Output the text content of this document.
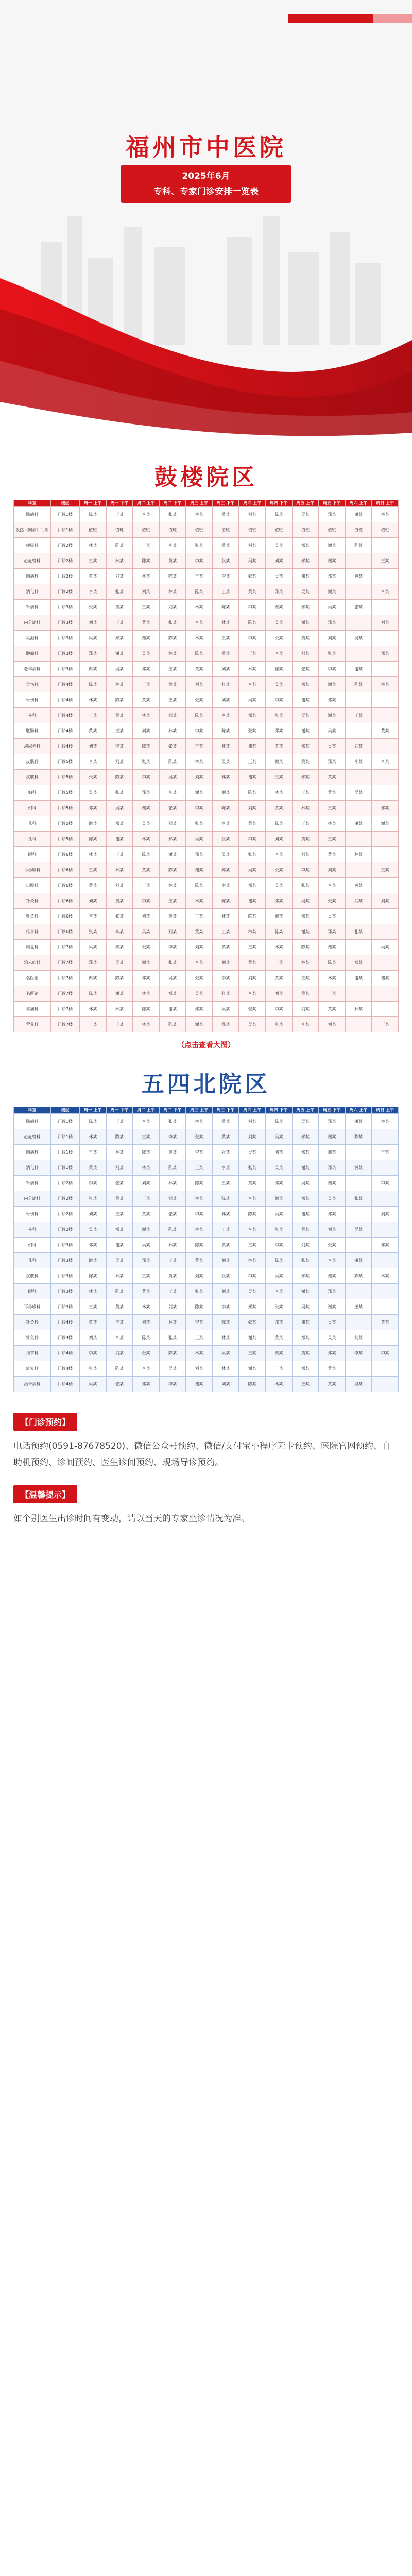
福州市中医院
2025年6月
专科、专家门诊安排一览表
鼓楼院区
科室	楼层	周一 上午	周一 下午	周二 上午	周二 下午	周三 上午	周三 下午	周四 上午	周四 下午	周五 上午	周五 下午	周六 上午	周日 上午
肺病科	门诊1楼	陈某	王某	李某	张某	林某	黄某	刘某	陈某	吴某	郑某	谢某	林某
发热（胸痛）门诊	门诊1楼	值班	值班	值班	值班	值班	值班	值班	值班	值班	值班	值班	值班
呼吸科	门诊2楼	林某	陈某	王某	李某	张某	黄某	刘某	吴某	郑某	谢某	陈某	
心血管科	门诊2楼	王某	林某	陈某	黄某	李某	张某	吴某	刘某	郑某	谢某		王某
脑病科	门诊2楼	黄某	刘某	林某	陈某	王某	李某	张某	吴某	谢某	郑某	黄某	
消化科	门诊2楼	李某	张某	刘某	林某	陈某	王某	黄某	郑某	吴某	谢某		李某
肾病科	门诊3楼	张某	黄某	王某	刘某	林某	陈某	李某	谢某	郑某	吴某	张某	
内分泌科	门诊3楼	刘某	王某	黄某	张某	李某	林某	陈某	吴某	谢某	郑某		刘某
风湿科	门诊3楼	吴某	郑某	谢某	陈某	林某	王某	李某	张某	黄某	刘某	吴某	
肿瘤科	门诊3楼	郑某	谢某	吴某	林某	陈某	黄某	王某	李某	刘某	张某		郑某
老年病科	门诊3楼	谢某	吴某	郑某	王某	黄某	刘某	林某	陈某	张某	李某	谢某	
骨伤科	门诊4楼	陈某	林某	王某	黄某	刘某	张某	李某	吴某	郑某	谢某	陈某	林某
骨伤科	门诊4楼	林某	陈某	黄某	王某	张某	刘某	吴某	李某	谢某	郑某		
外科	门诊4楼	王某	黄某	林某	刘某	陈某	李某	郑某	张某	吴某	谢某	王某	
肛肠科	门诊4楼	黄某	王某	刘某	林某	李某	陈某	张某	郑某	谢某	吴某		黄某
泌尿外科	门诊4楼	刘某	李某	陈某	张某	王某	林某	谢某	黄某	郑某	吴某	刘某	
皮肤科	门诊5楼	李某	刘某	张某	陈某	林某	吴某	王某	谢某	黄某	郑某	李某	李某
皮肤科	门诊5楼	张某	陈某	李某	吴某	刘某	林某	谢某	王某	郑某	黄某		
妇科	门诊5楼	吴某	张某	郑某	李某	谢某	刘某	陈某	林某	王某	黄某	吴某	
妇科	门诊5楼	郑某	吴某	谢某	张某	李某	陈某	刘某	黄某	林某	王某		郑某
儿科	门诊5楼	谢某	郑某	吴某	刘某	张某	李某	黄某	陈某	王某	林某	谢某	谢某
儿科	门诊5楼	陈某	谢某	林某	郑某	吴某	张某	李某	刘某	黄某	王某		
眼科	门诊6楼	林某	王某	陈某	谢某	郑某	吴某	张某	李某	刘某	黄某	林某	
耳鼻喉科	门诊6楼	王某	林某	黄某	陈某	谢某	郑某	吴某	张某	李某	刘某		王某
口腔科	门诊6楼	黄某	刘某	王某	林某	陈某	谢某	郑某	吴某	张某	李某	黄某	
针灸科	门诊6楼	刘某	黄某	李某	王某	林某	陈某	谢某	郑某	吴某	张某	刘某	刘某
针灸科	门诊6楼	李某	张某	刘某	黄某	王某	林某	陈某	谢某	郑某	吴某		
推拿科	门诊6楼	张某	李某	吴某	刘某	黄某	王某	林某	陈某	谢某	郑某	张某	
康复科	门诊7楼	吴某	郑某	张某	李某	刘某	黄某	王某	林某	陈某	谢某		吴某
治未病科	门诊7楼	郑某	吴某	谢某	张某	李某	刘某	黄某	王某	林某	陈某	郑某	
名医馆	门诊7楼	谢某	陈某	郑某	吴某	张某	李某	刘某	黄某	王某	林某	谢某	谢某
名医馆	门诊7楼	陈某	谢某	林某	郑某	吴某	张某	李某	刘某	黄某	王某		
疼痛科	门诊7楼	林某	林某	陈某	谢某	郑某	吴某	张某	李某	刘某	黄某	林某	
营养科	门诊7楼	王某	王某	林某	陈某	谢某	郑某	吴某	张某	李某	刘某		王某
（点击查看大图）
五四北院区
科室	楼层	周一 上午	周一 下午	周二 上午	周二 下午	周三 上午	周三 下午	周四 上午	周四 下午	周五 上午	周五 下午	周六 上午	周日 上午
肺病科	门诊1楼	陈某	王某	李某	张某	林某	黄某	刘某	陈某	吴某	郑某	谢某	林某
心血管科	门诊1楼	林某	陈某	王某	李某	张某	黄某	刘某	吴某	郑某	谢某	陈某	
脑病科	门诊1楼	王某	林某	陈某	黄某	李某	张某	吴某	刘某	郑某	谢某		王某
消化科	门诊1楼	黄某	刘某	林某	陈某	王某	李某	张某	吴某	谢某	郑某	黄某	
肾病科	门诊2楼	李某	张某	刘某	林某	陈某	王某	黄某	郑某	吴某	谢某		李某
内分泌科	门诊2楼	张某	黄某	王某	刘某	林某	陈某	李某	谢某	郑某	吴某	张某	
骨伤科	门诊2楼	刘某	王某	黄某	张某	李某	林某	陈某	吴某	谢某	郑某		刘某
外科	门诊2楼	吴某	郑某	谢某	陈某	林某	王某	李某	张某	黄某	刘某	吴某	
妇科	门诊3楼	郑某	谢某	吴某	林某	陈某	黄某	王某	李某	刘某	张某		郑某
儿科	门诊3楼	谢某	吴某	郑某	王某	黄某	刘某	林某	陈某	张某	李某	谢某	
皮肤科	门诊3楼	陈某	林某	王某	黄某	刘某	张某	李某	吴某	郑某	谢某	陈某	林某
眼科	门诊3楼	林某	陈某	黄某	王某	张某	刘某	吴某	李某	谢某	郑某		
耳鼻喉科	门诊3楼	王某	黄某	林某	刘某	陈某	李某	郑某	张某	吴某	谢某	王某	
针灸科	门诊4楼	黄某	王某	刘某	林某	李某	陈某	张某	郑某	谢某	吴某		黄某
针灸科	门诊4楼	刘某	李某	陈某	张某	王某	林某	谢某	黄某	郑某	吴某	刘某	
推拿科	门诊4楼	李某	刘某	张某	陈某	林某	吴某	王某	谢某	黄某	郑某	李某	李某
康复科	门诊4楼	张某	陈某	李某	吴某	刘某	林某	谢某	王某	郑某	黄某		
治未病科	门诊4楼	吴某	张某	郑某	李某	谢某	刘某	陈某	林某	王某	黄某	吴某	
【门诊预约】

电话预约(0591-87678520)、微信公众号预约、微信/支付宝小程序无卡预约、医院官网预约、自助机预约、诊间预约、医生诊间预约、现场导诊预约。

【温馨提示】

如个别医生出诊时间有变动，请以当天的专家坐诊情况为准。
